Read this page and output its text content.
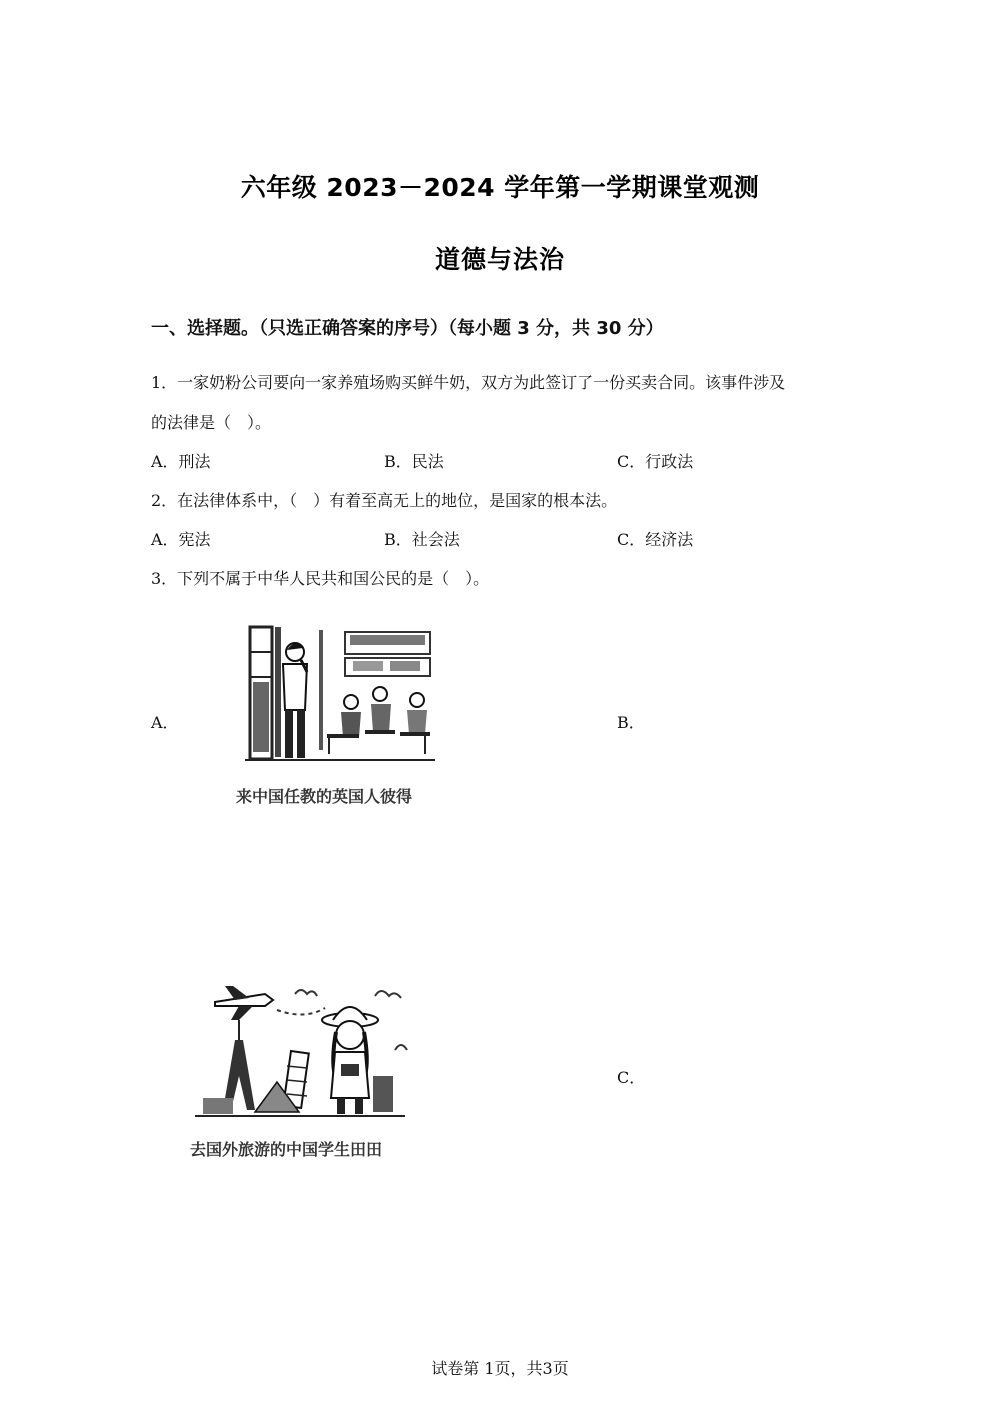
六年级 2023－2024 学年第一学期课堂观测
道德与法治
一、选择题。（只选正确答案的序号）（每小题 3 分，共 30 分）
1．一家奶粉公司要向一家养殖场购买鲜牛奶，双方为此签订了一份买卖合同。该事件涉及
的法律是（　）。
A．刑法	B．民法	C．行政法
2．在法律体系中，（　）有着至高无上的地位，是国家的根本法。
A．宪法	B．社会法	C．经济法
3．下列不属于中华人民共和国公民的是（　）。
A．
来中国任教的英国人彼得
B．
去国外旅游的中国学生田田
C．
试卷第 1页，共3页
